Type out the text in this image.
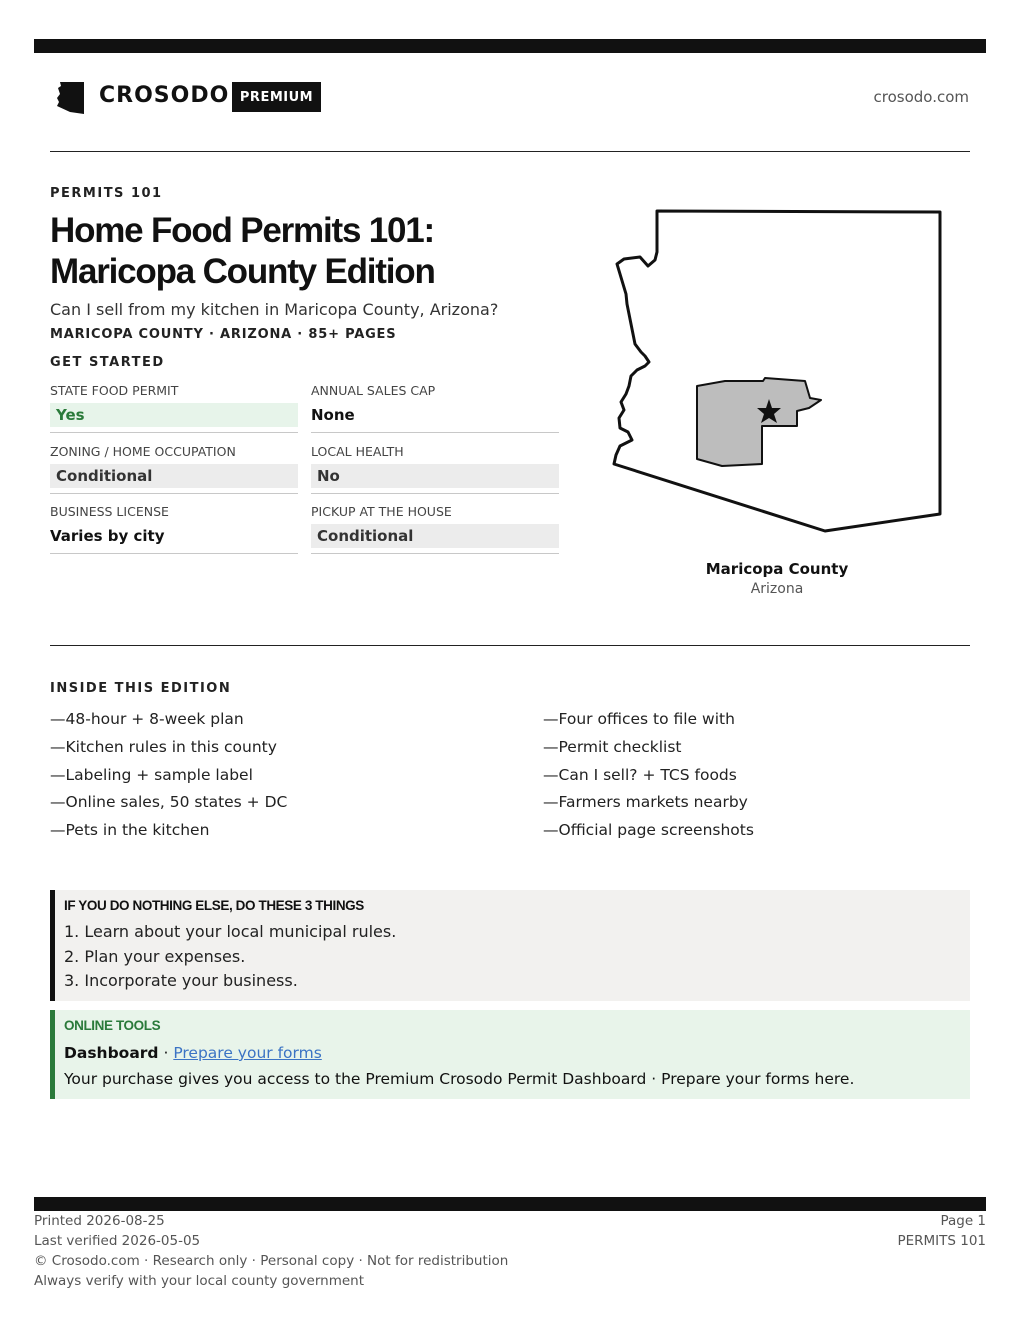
CROSODO PREMIUM	crosodo.com
PERMITS 101
Home Food Permits 101:
Maricopa County Edition
Can I sell from my kitchen in Maricopa County, Arizona?
MARICOPA COUNTY · ARIZONA · 85+ PAGES
GET STARTED
STATE FOOD PERMIT
Yes
ANNUAL SALES CAP
None
ZONING / HOME OCCUPATION
Conditional
LOCAL HEALTH
No
BUSINESS LICENSE
Varies by city
PICKUP AT THE HOUSE
Conditional
Maricopa County
Arizona
INSIDE THIS EDITION
—48-hour + 8-week plan
—Kitchen rules in this county
—Labeling + sample label
—Online sales, 50 states + DC
—Pets in the kitchen
—Four offices to file with
—Permit checklist
—Can I sell? + TCS foods
—Farmers markets nearby
—Official page screenshots
IF YOU DO NOTHING ELSE, DO THESE 3 THINGS
1. Learn about your local municipal rules.
2. Plan your expenses.
3. Incorporate your business.
ONLINE TOOLS
Dashboard · Prepare your forms
Your purchase gives you access to the Premium Crosodo Permit Dashboard · Prepare your forms here.
Printed 2026-08-25
Last verified 2026-05-05
© Crosodo.com · Research only · Personal copy · Not for redistribution
Always verify with your local county government
Page 1
PERMITS 101
